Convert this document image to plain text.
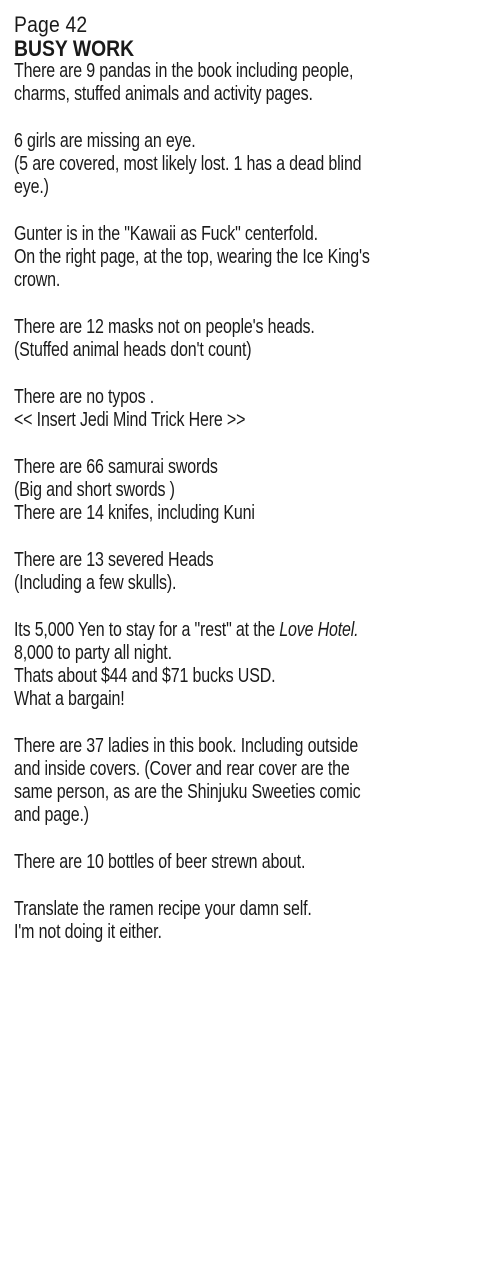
Page 42
BUSY WORK
There are 9 pandas in the book including people,
charms, stuffed animals and activity pages.
6 girls are missing an eye.
(5 are covered, most likely lost. 1 has a dead blind
eye.)
Gunter is in the "Kawaii as Fuck" centerfold.
On the right page, at the top, wearing the Ice King's
crown.
There are 12 masks not on people's heads.
(Stuffed animal heads don't count)
There are no typos .
<< Insert Jedi Mind Trick Here >>
There are 66 samurai swords
(Big and short swords )
There are 14 knifes, including Kuni
There are 13 severed Heads
(Including a few skulls).
Its 5,000 Yen to stay for a "rest" at the Love Hotel.
8,000 to party all night.
Thats about $44 and $71 bucks USD.
What a bargain!
There are 37 ladies in this book. Including outside
and inside covers. (Cover and rear cover are the
same person, as are the Shinjuku Sweeties comic
and page.)
There are 10 bottles of beer strewn about.
Translate the ramen recipe your damn self.
I'm not doing it either.
